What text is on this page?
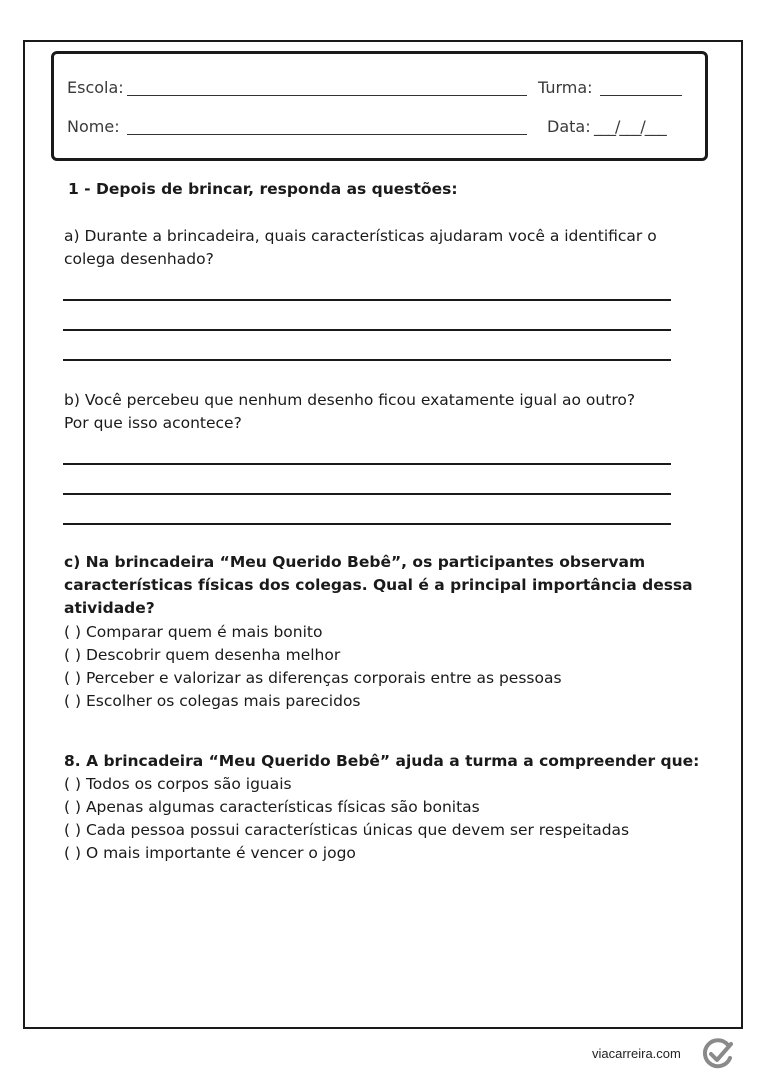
Escola:	Turma:
Nome:	Data: ___/___/___
1 - Depois de brincar, responda as questões:
a) Durante a brincadeira, quais características ajudaram você a identificar o
colega desenhado?
b) Você percebeu que nenhum desenho ficou exatamente igual ao outro?
Por que isso acontece?
c) Na brincadeira “Meu Querido Bebê”, os participantes observam
características físicas dos colegas. Qual é a principal importância dessa
atividade?
( ) Comparar quem é mais bonito
( ) Descobrir quem desenha melhor
( ) Perceber e valorizar as diferenças corporais entre as pessoas
( ) Escolher os colegas mais parecidos
8. A brincadeira “Meu Querido Bebê” ajuda a turma a compreender que:
( ) Todos os corpos são iguais
( ) Apenas algumas características físicas são bonitas
( ) Cada pessoa possui características únicas que devem ser respeitadas
( ) O mais importante é vencer o jogo
viacarreira.com
